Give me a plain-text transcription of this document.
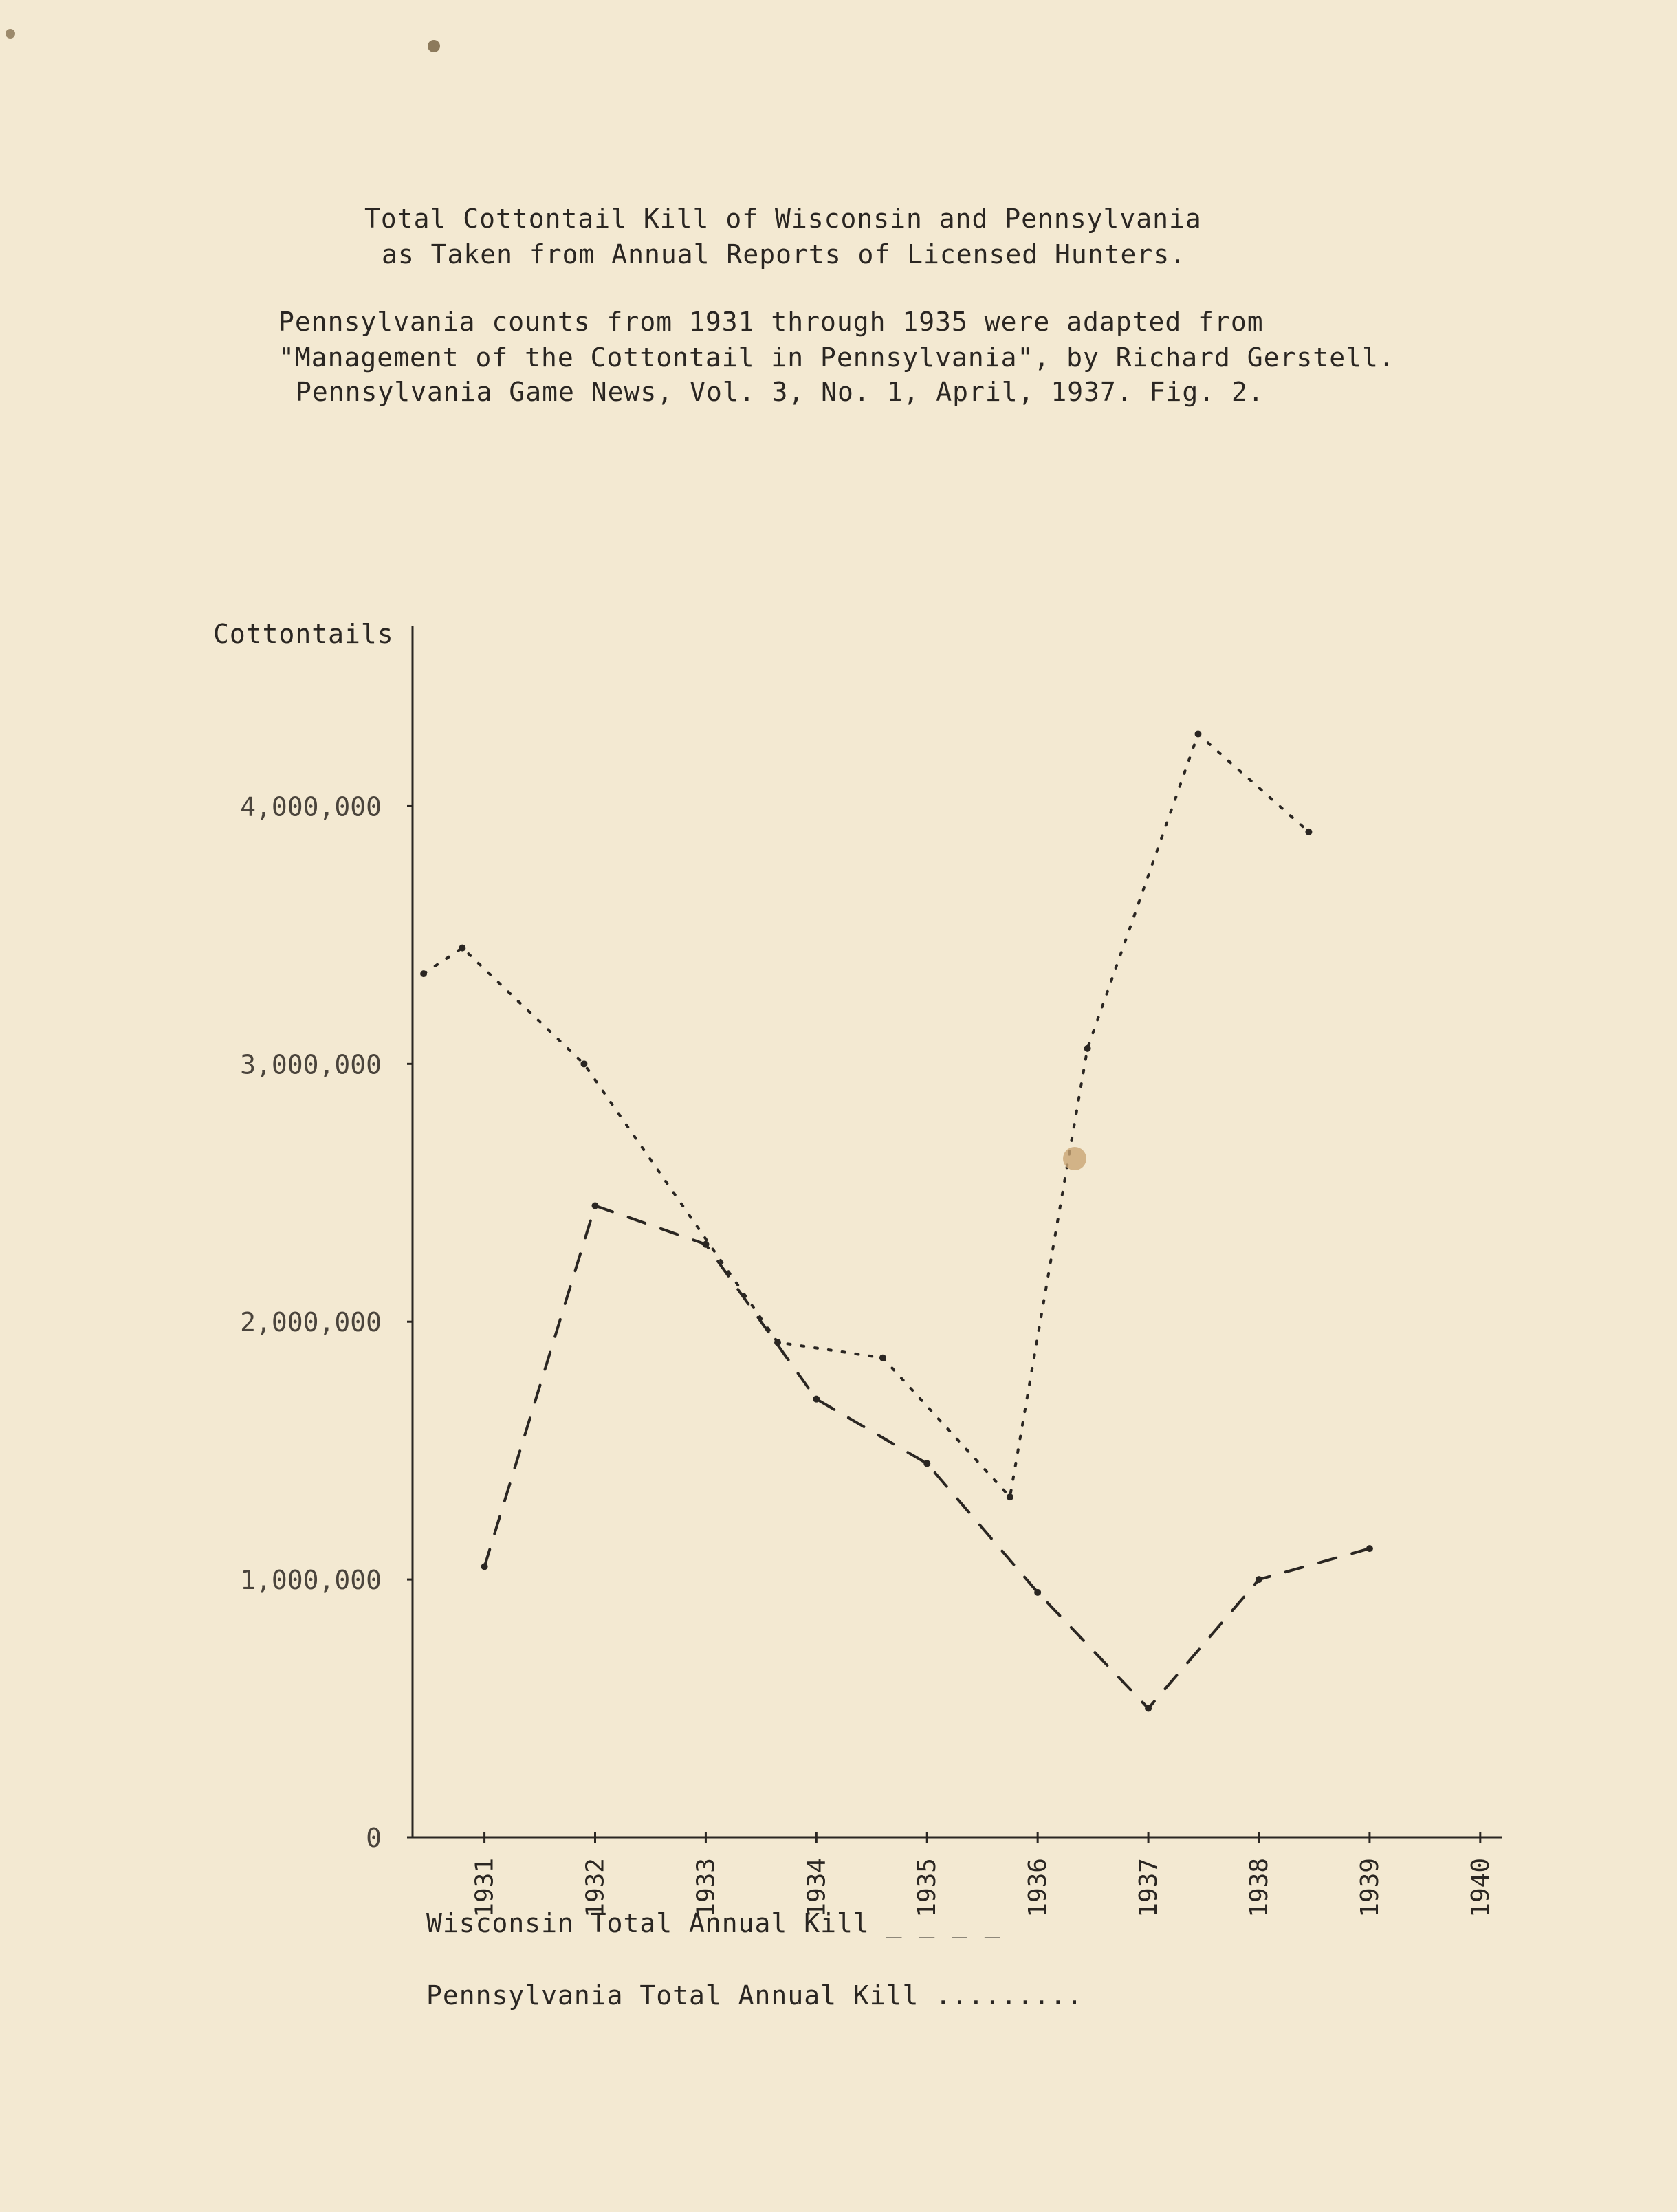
Total Cottontail Kill of Wisconsin and Pennsylvania
as Taken from Annual Reports of Licensed Hunters.
Pennsylvania counts from 1931 through 1935 were adapted from
"Management of the Cottontail in Pennsylvania", by Richard Gerstell.
Pennsylvania Game News, Vol. 3, No. 1, April, 1937. Fig. 2.
Cottontails
0
1,000,000
2,000,000
3,000,000
4,000,000
1931	1932	1933	1934	1935	1936	1937	1938	1939	1940
Wisconsin Total Annual Kill _ _ _ _
Pennsylvania Total Annual Kill .........
